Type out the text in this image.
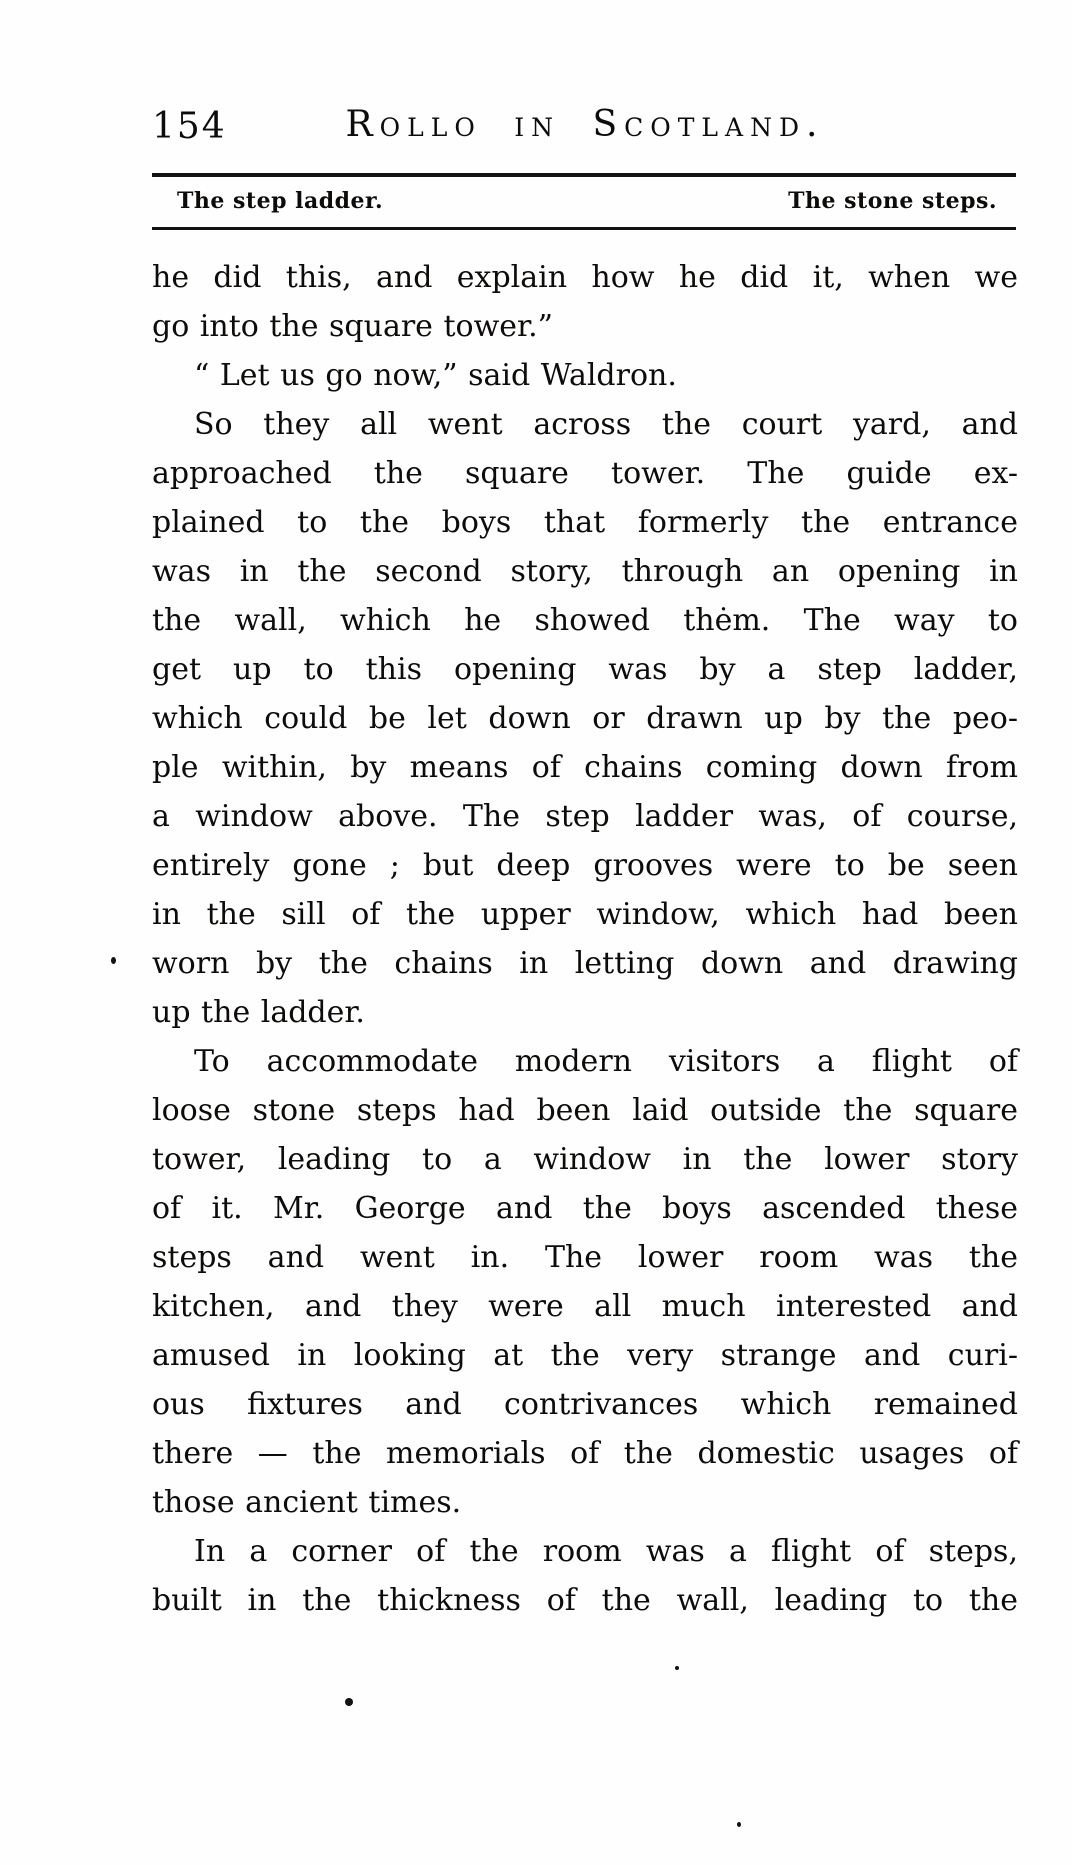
154	Rollo in Scotland.
The step ladder.	The stone steps.
he did this, and explain how he did it, when we
go into the square tower.”
“ Let us go now,” said Waldron.
So they all went across the court yard, and
approached the square tower. The guide ex-
plained to the boys that formerly the entrance
was in the second story, through an opening in
the wall, which he showed thėm. The way to
get up to this opening was by a step ladder,
which could be let down or drawn up by the peo-
ple within, by means of chains coming down from
a window above. The step ladder was, of course,
entirely gone ; but deep grooves were to be seen
in the sill of the upper window, which had been
worn by the chains in letting down and drawing
up the ladder.
To accommodate modern visitors a flight of
loose stone steps had been laid outside the square
tower, leading to a window in the lower story
of it. Mr. George and the boys ascended these
steps and went in. The lower room was the
kitchen, and they were all much interested and
amused in looking at the very strange and curi-
ous fixtures and contrivances which remained
there — the memorials of the domestic usages of
those ancient times.
In a corner of the room was a flight of steps,
built in the thickness of the wall, leading to the
